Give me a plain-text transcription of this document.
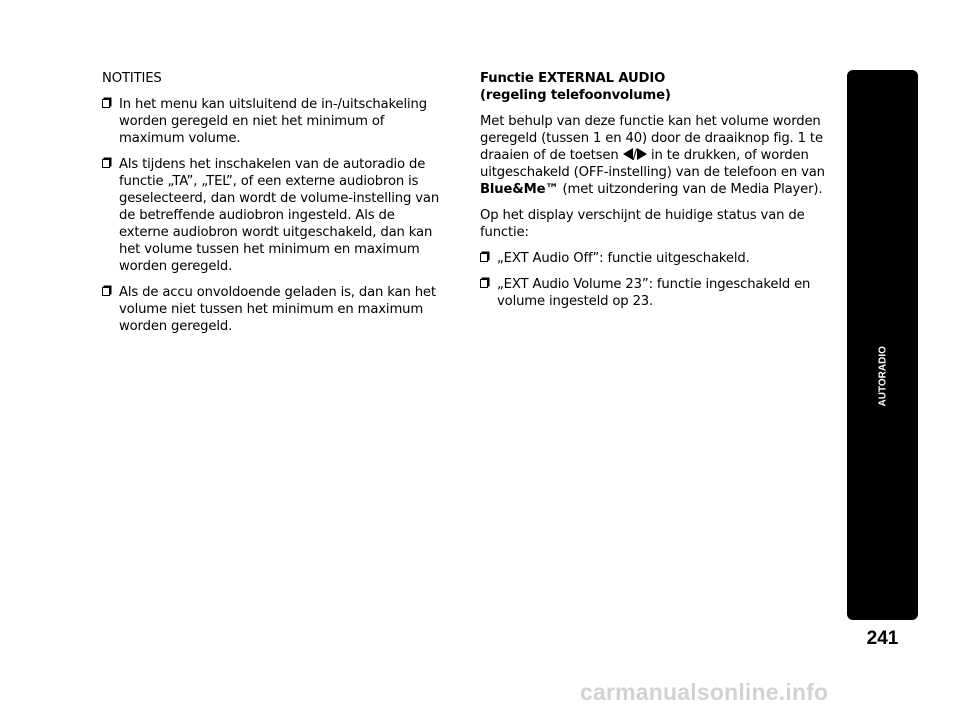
NOTITIES

In het menu kan uitsluitend de in-/uitschakeling worden geregeld en niet het minimum of maximum volume.
Als tijdens het inschakelen van de autoradio de functie „TA”, „TEL”, of een externe audiobron is geselecteerd, dan wordt de volume-instelling van de betreffende audiobron ingesteld. Als de externe audiobron wordt uitgeschakeld, dan kan het volume tussen het minimum en maximum worden geregeld.
Als de accu onvoldoende geladen is, dan kan het volume niet tussen het minimum en maximum worden geregeld.
Functie EXTERNAL AUDIO
(regeling telefoonvolume)

Met behulp van deze functie kan het volume worden geregeld (tussen 1 en 40) door de draaiknop fig. 1 te draaien of de toetsen / in te drukken, of worden uitgeschakeld (OFF-instelling) van de telefoon en van Blue&Me™ (met uitzondering van de Media Player).

Op het display verschijnt de huidige status van de functie:

„EXT Audio Off”: functie uitgeschakeld.
„EXT Audio Volume 23”: functie ingeschakeld en volume ingesteld op 23.
AUTORADIO
241
carmanualsonline.info
